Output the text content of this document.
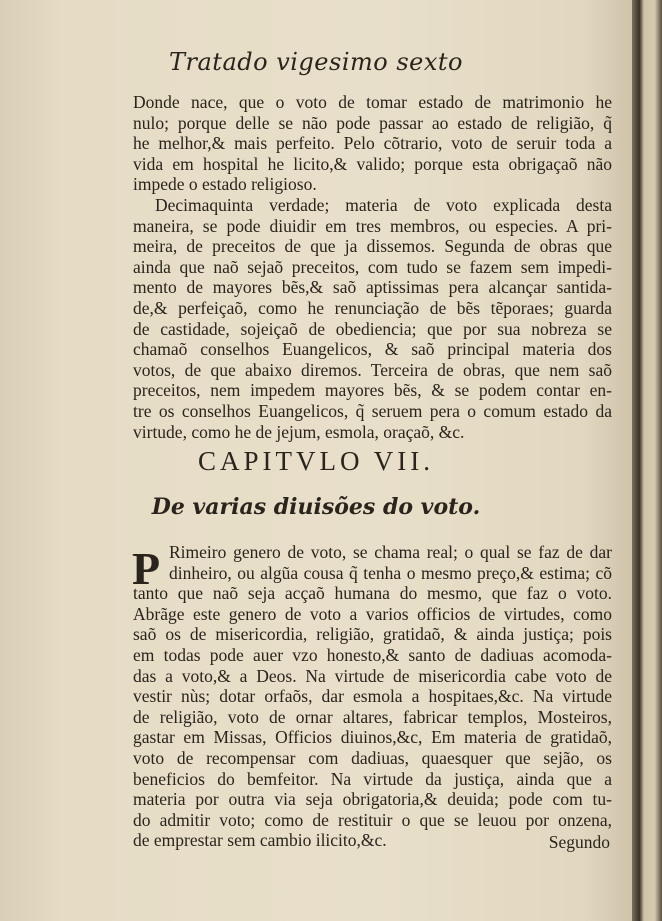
Tratado vigesimo sexto
Donde nace, que o voto de tomar estado de matrimonio he
nulo; porque delle se não pode passar ao estado de religião, q̃
he melhor,& mais perfeito. Pelo cõtrario, voto de seruir toda a
vida em hospital he licito,& valido; porque esta obrigaçaõ não
impede o estado religioso.
Decimaquinta verdade; materia de voto explicada desta
maneira, se pode diuidir em tres membros, ou especies. A pri-
meira, de preceitos de que ja dissemos. Segunda de obras que
ainda que naõ sejaõ preceitos, com tudo se fazem sem impedi-
mento de mayores bẽs,& saõ aptissimas pera alcançar santida-
de,& perfeiçaõ, como he renunciação de bẽs tẽporaes; guarda
de castidade, sojeiçaõ de obediencia; que por sua nobreza se
chamaõ conselhos Euangelicos, & saõ principal materia dos
votos, de que abaixo diremos. Terceira de obras, que nem saõ
preceitos, nem impedem mayores bẽs, & se podem contar en-
tre os conselhos Euangelicos, q̃ seruem pera o comum estado da
virtude, como he de jejum, esmola, oraçaõ, &c.
CAPITVLO VII.
De varias diuisões do voto.
P Rimeiro genero de voto, se chama real; o qual se faz de dar
dinheiro, ou algũa cousa q̃ tenha o mesmo preço,& estima; cõ
tanto que naõ seja acçaõ humana do mesmo, que faz o voto.
Abrãge este genero de voto a varios officios de virtudes, como
saõ os de misericordia, religião, gratidaõ, & ainda justiça; pois
em todas pode auer vzo honesto,& santo de dadiuas acomoda-
das a voto,& a Deos. Na virtude de misericordia cabe voto de
vestir nùs; dotar orfaõs, dar esmola a hospitaes,&c. Na virtude
de religião, voto de ornar altares, fabricar templos, Mosteiros,
gastar em Missas, Officios diuinos,&c, Em materia de gratidaõ,
voto de recompensar com dadiuas, quaesquer que sejão, os
beneficios do bemfeitor. Na virtude da justiça, ainda que a
materia por outra via seja obrigatoria,& deuida; pode com tu-
do admitir voto; como de restituir o que se leuou por onzena,
de emprestar sem cambio ilicito,&c.	Segundo
